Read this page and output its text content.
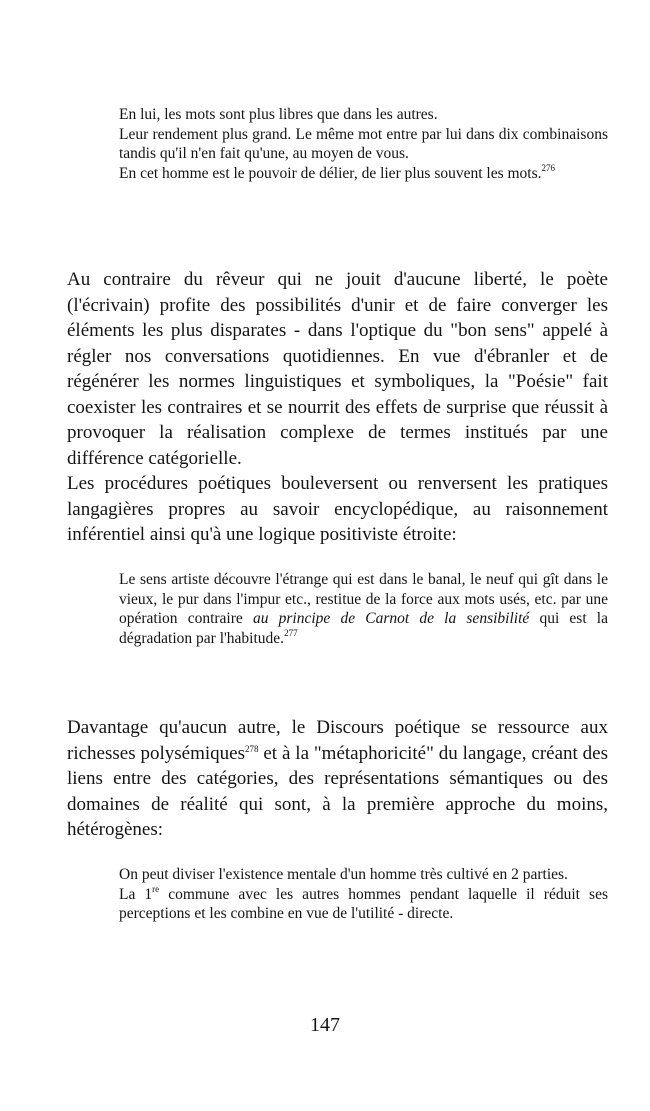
En lui, les mots sont plus libres que dans les autres.

Leur rendement plus grand. Le même mot entre par lui dans dix combinaisons tandis qu'il n'en fait qu'une, au moyen de vous.

En cet homme est le pouvoir de délier, de lier plus souvent les mots.$^{276}$

Au contraire du rêveur qui ne jouit d'aucune liberté, le poète (l'écrivain) profite des possibilités d'unir et de faire converger les éléments les plus disparates - dans l'optique du "bon sens" appelé à régler nos conversations quotidiennes. En vue d'ébranler et de régénérer les normes linguistiques et symboliques, la "Poésie" fait coexister les contraires et se nourrit des effets de surprise que réussit à provoquer la réalisation complexe de termes institués par une différence catégorielle.

Les procédures poétiques bouleversent ou renversent les pratiques langagières propres au savoir encyclopédique, au raisonnement inférentiel ainsi qu'à une logique positiviste étroite:

Le sens artiste découvre l'étrange qui est dans le banal, le neuf qui gît dans le vieux, le pur dans l'impur etc., restitue de la force aux mots usés, etc. par une opération contraire au principe de Carnot de la sensibilité qui est la dégradation par l'habitude.$^{277}$

Davantage qu'aucun autre, le Discours poétique se ressource aux richesses polysémiques$^{278}$ et à la "métaphoricité" du langage, créant des liens entre des catégories, des représentations sémantiques ou des domaines de réalité qui sont, à la première approche du moins, hétérogènes:

On peut diviser l'existence mentale d'un homme très cultivé en 2 parties.

La 1re commune avec les autres hommes pendant laquelle il réduit ses perceptions et les combine en vue de l'utilité - directe.

147
